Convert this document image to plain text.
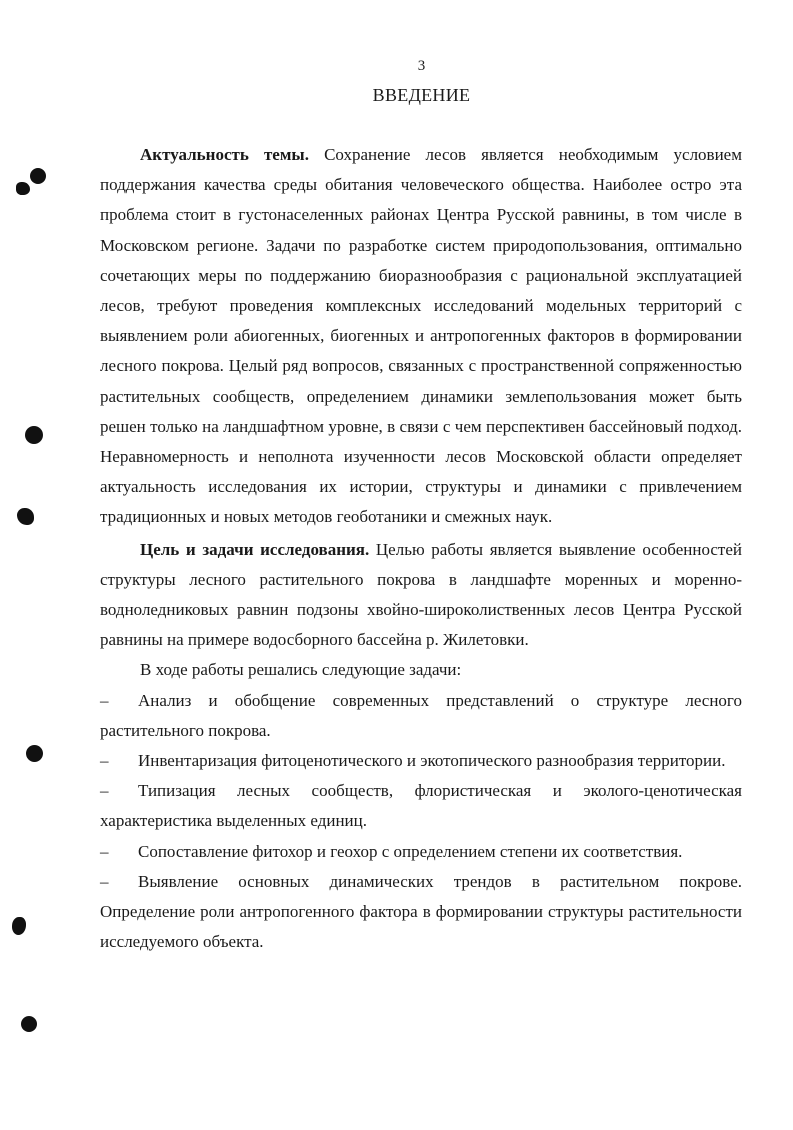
3
ВВЕДЕНИЕ

Актуальность темы. Сохранение лесов является необходимым условием поддержания качества среды обитания человеческого общества. Наиболее остро эта проблема стоит в густонаселенных районах Центра Русской равнины, в том числе в Московском регионе. Задачи по разработке систем природопользования, оптимально сочетающих меры по поддержанию биоразнообразия с рациональной эксплуатацией лесов, требуют проведения комплексных исследований модельных территорий с выявлением роли абиогенных, биогенных и антропогенных факторов в формировании лесного покрова. Целый ряд вопросов, связанных с пространственной сопряженностью растительных сообществ, определением динамики землепользования может быть решен только на ландшафтном уровне, в связи с чем перспективен бассейновый подход. Неравномерность и неполнота изученности лесов Московской области определяет актуальность исследования их истории, структуры и динамики с привлечением традиционных и новых методов геоботаники и смежных наук.

Цель и задачи исследования. Целью работы является выявление особенностей структуры лесного растительного покрова в ландшафте моренных и моренно-водноледниковых равнин подзоны хвойно-широколиственных лесов Центра Русской равнины на примере водосборного бассейна р. Жилетовки.

В ходе работы решались следующие задачи:

– Анализ и обобщение современных представлений о структуре лесного растительного покрова.

– Инвентаризация фитоценотического и экотопического разнообразия территории.

– Типизация лесных сообществ, флористическая и эколого-ценотическая характеристика выделенных единиц.

– Сопоставление фитохор и геохор с определением степени их соответствия.

– Выявление основных динамических трендов в растительном покрове. Определение роли антропогенного фактора в формировании структуры растительности исследуемого объекта.
